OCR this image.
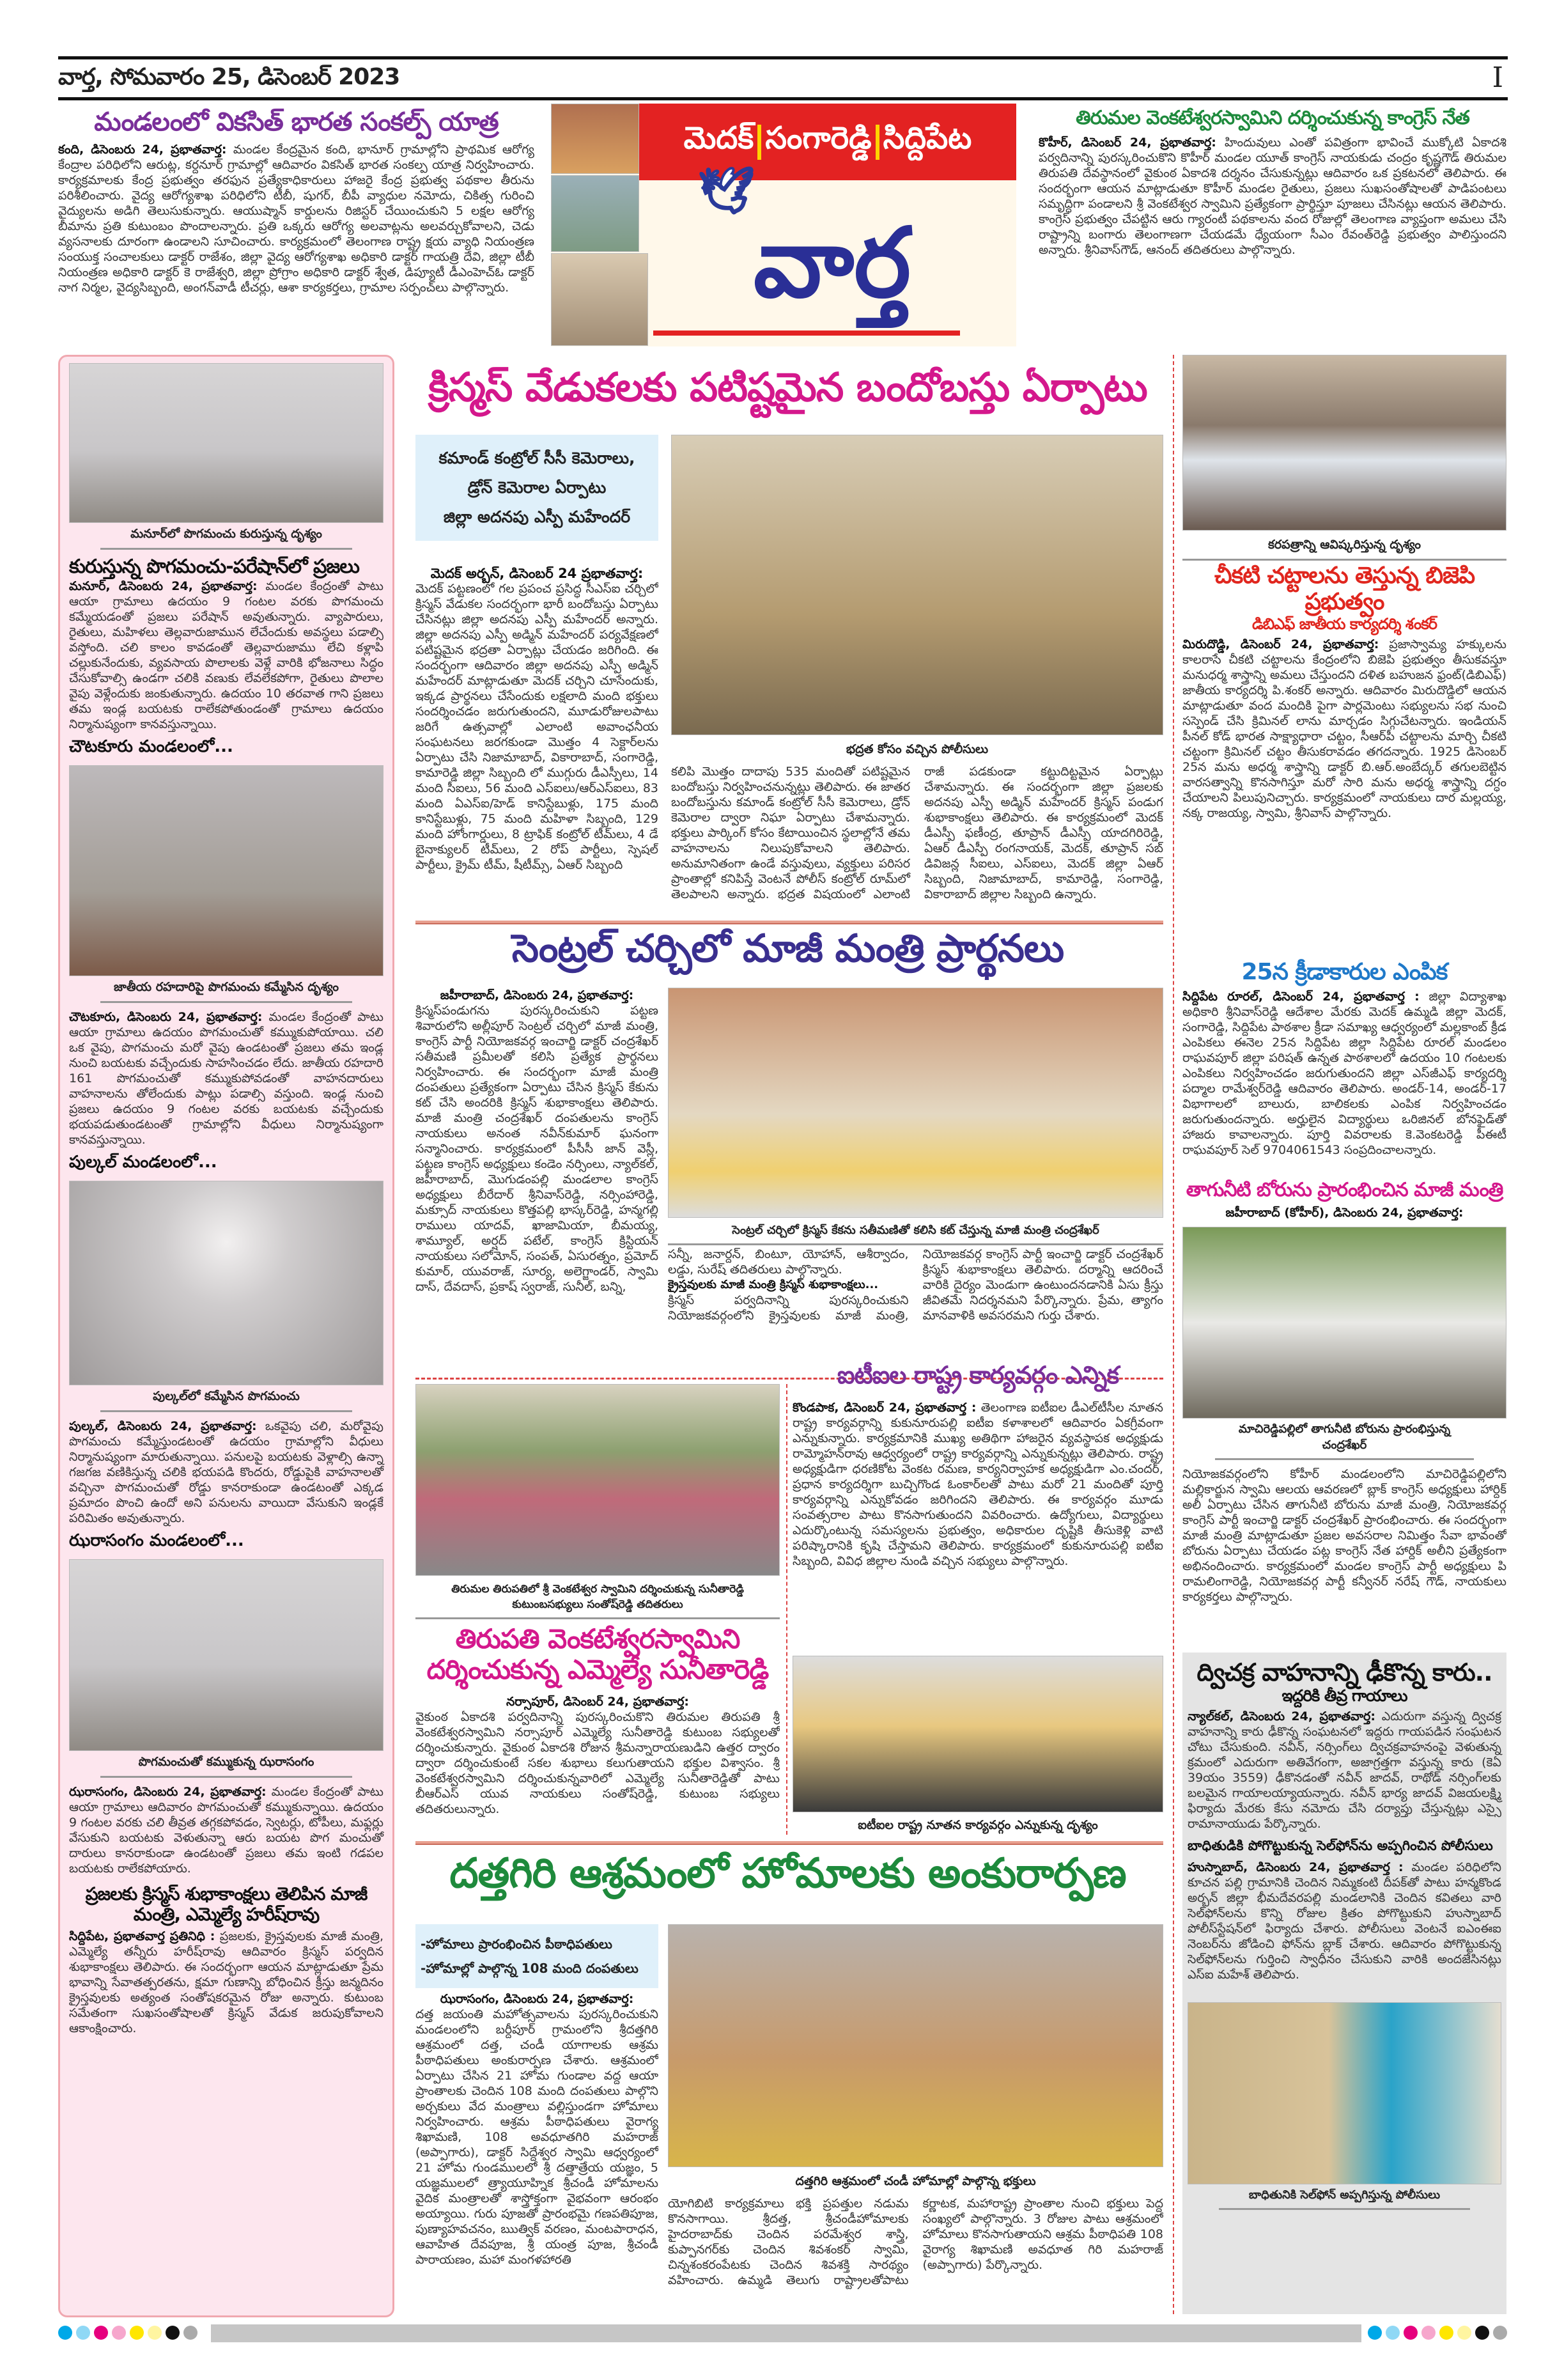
వార్త, సోమవారం 25, డిసెంబర్ 2023	I
మండలంలో వికసిత్ భారత సంకల్ప్ యాత్ర
కంది, డిసెంబరు 24, ప్రభాతవార్త: మండల కేంద్రమైన కంది, భానూర్ గ్రామాల్లోని ప్రాథమిక ఆరోగ్య కేంద్రాల పరిధిలోని ఆరుట్ల, కర్దనూర్ గ్రామాల్లో ఆదివారం వికసిత్ భారత సంకల్ప యాత్ర నిర్వహించారు. కార్యక్రమాలకు కేంద్ర ప్రభుత్వం తరఫున ప్రత్యేకాధికారులు హాజరై కేంద్ర ప్రభుత్వ పథకాల తీరును పరిశీలించారు. వైద్య ఆరోగ్యశాఖ పరిధిలోని టీబీ, షుగర్, బీపీ వ్యాధుల నమోదు, చికిత్స గురించి వైద్యులను అడిగి తెలుసుకున్నారు. ఆయుష్మాన్ కార్డులను రిజిస్టర్ చేయించుకుని 5 లక్షల ఆరోగ్య బీమాను ప్రతి కుటుంబం పొందాలన్నారు. ప్రతి ఒక్కరు ఆరోగ్య అలవాట్లను అలవర్చుకోవాలని, చెడు వ్యసనాలకు దూరంగా ఉండాలని సూచించారు. కార్యక్రమంలో తెలంగాణ రాష్ట్ర క్షయ వ్యాధి నియంత్రణ సంయుక్త సంచాలకులు డాక్టర్ రాజేశం, జిల్లా వైద్య ఆరోగ్యశాఖ అధికారి డాక్టర్ గాయత్రి దేవి, జిల్లా టీబీ నియంత్రణ అధికారి డాక్టర్ కె రాజేశ్వరి, జిల్లా ప్రోగ్రాం అధికారి డాక్టర్ శ్వేత, డిప్యూటీ డీఎంహెచ్ఓ డాక్టర్ నాగ నిర్మల, వైద్యసిబ్బంది, అంగన్‌వాడీ టీచర్లు, ఆశా కార్యకర్తలు, గ్రామాల సర్పంచ్‌లు పాల్గొన్నారు.
మెదక్ సంగారెడ్డి సిద్దిపేట
🕊
వార్త
తిరుమల వెంకటేశ్వరస్వామిని దర్శించుకున్న కాంగ్రెస్ నేత
కొహీర్, డిసెంబర్ 24, ప్రభాతవార్త: హిందువులు ఎంతో పవిత్రంగా భావించే ముక్కోటి ఏకాదశి పర్వదినాన్ని పురస్కరించుకొని కొహీర్ మండల యూత్ కాంగ్రెస్ నాయకుడు చంద్రం కృష్ణగౌడ్ తిరుమల తిరుపతి దేవస్థానంలో వైకుంఠ ఏకాదశి దర్శనం చేసుకున్నట్లు ఆదివారం ఒక ప్రకటనలో తెలిపారు. ఈ సందర్భంగా ఆయన మాట్లాడుతూ కొహీర్ మండల రైతులు, ప్రజలు సుఖసంతోషాలతో పాడిపంటలు సమృద్ధిగా పండాలని శ్రీ వెంకటేశ్వర స్వామిని ప్రత్యేకంగా ప్రార్థిస్తూ పూజలు చేసినట్లు ఆయన తెలిపారు. కాంగ్రెస్ ప్రభుత్వం చేపట్టిన ఆరు గ్యారంటీ పథకాలను వంద రోజుల్లో తెలంగాణ వ్యాప్తంగా అమలు చేసి రాష్ట్రాన్ని బంగారు తెలంగాణగా చేయడమే ధ్యేయంగా సీఎం రేవంత్‌రెడ్డి ప్రభుత్వం పాలిస్తుందని అన్నారు. శ్రీనివాస్‌గౌడ్, ఆనంద్ తదితరులు పాల్గొన్నారు.
మనూర్‌లో పొగమంచు కురుస్తున్న దృశ్యం
కురుస్తున్న పొగమంచు-పరేషాన్‌లో ప్రజలు
మనూర్, డిసెంబరు 24, ప్రభాతవార్త: మండల కేంద్రంతో పాటు ఆయా గ్రామాలు ఉదయం 9 గంటల వరకు పొగమంచు కమ్మేయడంతో ప్రజలు పరేషాన్ అవుతున్నారు. వ్యాపారులు, రైతులు, మహిళలు తెల్లవారుజామున లేచేందుకు అవస్థలు పడాల్సి వస్తోంది. చలి కాలం కావడంతో తెల్లవారుజాము లేచి కళ్లాపి చల్లుకునేందుకు, వ్యవసాయ పొలాలకు వెళ్లే వారికి భోజనాలు సిద్ధం చేసుకోవాల్సి ఉండగా చలికి వణుకు లేవలేకపోగా, రైతులు పొలాల వైపు వెళ్లేందుకు జంకుతున్నారు. ఉదయం 10 తరవాత గాని ప్రజలు తమ ఇండ్ల బయటకు రాలేకపోతుండంతో గ్రామాలు ఉదయం నిర్మానుష్యంగా కానవస్తున్నాయి.
చౌటకూరు మండలంలో...
జాతీయ రహదారిపై పొగమంచు కమ్మేసిన దృశ్యం
చౌటకూరు, డిసెంబరు 24, ప్రభాతవార్త: మండల కేంద్రంతో పాటు ఆయా గ్రామాలు ఉదయం పొగమంచుతో కమ్ముకుపోయాయి. చలి ఒక వైపు, పొగమంచు మరో వైపు ఉండటంతో ప్రజలు తమ ఇండ్ల నుంచి బయటకు వచ్చేందుకు సాహసించడం లేదు. జాతీయ రహదారి 161 పొగమంచుతో కమ్ముకుపోవడంతో వాహనదారులు వాహనాలను తోలేందుకు పాట్లు పడాల్సి వస్తుంది. ఇండ్ల నుంచి ప్రజలు ఉదయం 9 గంటల వరకు బయటకు వచ్చేందుకు భయపడుతుండటంతో గ్రామాల్లోని వీధులు నిర్మానుష్యంగా కానవస్తున్నాయి.
పుల్కల్ మండలంలో...
పుల్కల్‌లో కమ్మేసిన పొగమంచు
పుల్కల్, డిసెంబరు 24, ప్రభాతవార్త: ఒకవైపు చలి, మరోవైపు పొగమంచు కమ్మేస్తుండటంతో ఉదయం గ్రామాల్లోని వీధులు నిర్మానుష్యంగా మారుతున్నాయి. పనులపై బయటకు వెళ్లాల్సి ఉన్నా గజగజ వణికిస్తున్న చలికి భయపడి కొందరు, రోడ్డుపైకి వాహనాలతో వచ్చినా పొగమంచుతో రోడ్డు కానరాకుండా ఉండటంతో ఎక్కడ ప్రమాదం పొంచి ఉందో అని పనులను వాయిదా వేసుకుని ఇండ్లకే పరిమితం అవుతున్నారు.
ఝరాసంగం మండలంలో...
పొగమంచుతో కమ్ముకున్న ఝరాసంగం
ఝరాసంగం, డిసెంబరు 24, ప్రభాతవార్త: మండల కేంద్రంతో పాటు ఆయా గ్రామాలు ఆదివారం పొగమంచుతో కమ్ముకున్నాయి. ఉదయం 9 గంటల వరకు చలి తీవ్రత తగ్గకపోవడం, స్వెటర్లు, టోపీలు, మఫ్లర్లు వేసుకుని బయటకు వెళుతున్నా ఆరు బయట పొగ మంచుతో దారులు కానరాకుండా ఉండటంతో ప్రజలు తమ ఇంటి గడపల బయటకు రాలేకపోయారు.
ప్రజలకు క్రిస్మస్ శుభాకాంక్షలు తెలిపిన మాజీ మంత్రి, ఎమ్మెల్యే హరీష్‌రావు
సిద్దిపేట, ప్రభాతవార్త ప్రతినిధి : ప్రజలకు, క్రైస్తవులకు మాజీ మంత్రి, ఎమ్మెల్యే తన్నీరు హరీష్‌రావు ఆదివారం క్రిస్మస్ పర్వదిన శుభాకాంక్షలు తెలిపారు. ఈ సందర్భంగా ఆయన మాట్లాడుతూ ప్రేమ భావాన్ని సేవాతత్పరతను, క్షమా గుణాన్ని బోధించిన క్రీస్తు జన్మదినం క్రైస్తవులకు అత్యంత సంతోషకరమైన రోజు అన్నారు. కుటుంబ సమేతంగా సుఖసంతోషాలతో క్రిస్మస్ వేడుక జరుపుకోవాలని ఆకాంక్షించారు.
క్రిస్మస్ వేడుకలకు పటిష్టమైన బందోబస్తు ఏర్పాటు
కమాండ్ కంట్రోల్ సీసీ కెమెరాలు,
డ్రోన్ కెమెరాల ఏర్పాటు
జిల్లా అదనపు ఎస్పీ మహేందర్
మెదక్ అర్బన్, డిసెంబర్ 24 ప్రభాతవార్త:
మెదక్ పట్టణంలో గల ప్రపంచ ప్రసిద్ధ సీఎస్ఐ చర్చిలో క్రిస్మస్ వేడుకల సందర్భంగా భారీ బందోబస్తు ఏర్పాటు చేసినట్లు జిల్లా అదనపు ఎస్పీ మహేందర్ అన్నారు. జిల్లా అదనపు ఎస్పీ అడ్మిన్ మహేందర్ పర్యవేక్షణలో పటిష్టమైన భద్రతా ఏర్పాట్లు చేయడం జరిగింది. ఈ సందర్భంగా ఆదివారం జిల్లా అదనపు ఎస్పీ అడ్మిన్ మహేందర్ మాట్లాడుతూ మెదక్ చర్చిని చూసేందుకు, ఇక్కడ ప్రార్థనలు చేసేందుకు లక్షలాది మంది భక్తులు సందర్శించడం జరుగుతుందని, మూడురోజులపాటు జరిగే ఉత్సవాల్లో ఎలాంటి అవాంఛనీయ సంఘటనలు జరగకుండా మొత్తం 4 సెక్టార్‌లను ఏర్పాటు చేసి నిజామాబాద్, వికారాబాద్, సంగారెడ్డి, కామారెడ్డి జిల్లా సిబ్బంది లో ముగ్గురు డీఎస్పీలు, 14 మంది సీఐలు, 56 మంది ఎస్ఐలు/ఆర్ఎస్ఐలు, 83 మంది ఏఎస్ఐ/హెడ్ కానిస్టేబుళ్లు, 175 మంది కానిస్టేబుళ్లు, 75 మంది మహిళా సిబ్బంది, 129 మంది హోంగార్డులు, 8 ట్రాఫిక్ కంట్రోల్ టీమ్‌లు, 4 డే బైనాక్యులర్ టీమ్‌లు, 2 రోప్ పార్టీలు, స్పెషల్ పార్టీలు, క్రైమ్ టీమ్, షీటీమ్స్, ఏఆర్ సిబ్బంది
భద్రత కోసం వచ్చిన పోలీసులు
కలిపి మొత్తం దాదాపు 535 మందితో పటిష్టమైన బందోబస్తు నిర్వహించనున్నట్లు తెలిపారు. ఈ జాతర బందోబస్తును కమాండ్ కంట్రోల్ సీసీ కెమెరాలు, డ్రోన్ కెమెరాల ద్వారా నిఘా ఏర్పాటు చేశామన్నారు. భక్తులు పార్కింగ్ కోసం కేటాయించిన స్థలాల్లోనే తమ వాహనాలను నిలుపుకోవాలని తెలిపారు. అనుమానితంగా ఉండే వస్తువులు, వ్యక్తులు పరిసర ప్రాంతాల్లో కనిపిస్తే వెంటనే పోలీస్ కంట్రోల్ రూమ్‌లో తెలపాలని అన్నారు. భద్రత విషయంలో ఎలాంటి రాజీ పడకుండా కట్టుదిట్టమైన ఏర్పాట్లు చేశామన్నారు. ఈ సందర్భంగా జిల్లా ప్రజలకు అదనపు ఎస్పీ అడ్మిన్ మహేందర్ క్రిస్మస్ పండుగ శుభాకాంక్షలు తెలిపారు. ఈ కార్యక్రమంలో మెదక్ డీఎస్పీ ఫణీంద్ర, తూప్రాన్ డీఎస్పీ యాదగిరిరెడ్డి, ఏఆర్ డీఎస్పీ రంగనాయక్, మెదక్, తూప్రాన్ సబ్ డివిజన్ల సీఐలు, ఎస్ఐలు, మెదక్ జిల్లా ఏఆర్ సిబ్బంది, నిజామాబాద్, కామారెడ్డి, సంగారెడ్డి, వికారాబాద్ జిల్లాల సిబ్బంది ఉన్నారు.
సెంట్రల్ చర్చిలో మాజీ మంత్రి ప్రార్థనలు
జహీరాబాద్, డిసెంబరు 24, ప్రభాతవార్త:
క్రిస్మస్‌పండుగను పురస్కరించుకుని పట్టణ శివారులోని అల్లీపూర్ సెంట్రల్ చర్చిలో మాజీ మంత్రి, కాంగ్రెస్ పార్టీ నియోజకవర్గ ఇంచార్జి డాక్టర్ చంద్రశేఖర్ సతీమణి ప్రమీలతో కలిసి ప్రత్యేక ప్రార్థనలు నిర్వహించారు. ఈ సందర్భంగా మాజీ మంత్రి దంపతులు ప్రత్యేకంగా ఏర్పాటు చేసిన క్రిస్మస్ కేకును కట్ చేసి అందరికి క్రిస్మస్ శుభాకాంక్షలు తెలిపారు. మాజీ మంత్రి చంద్రశేఖర్ దంపతులను కాంగ్రెస్ నాయకులు అనంత నవీన్‌కుమార్ ఘనంగా సన్మానించారు. కార్యక్రమంలో పీసీసీ జాన్ వెస్లీ, పట్టణ కాంగ్రెస్ అధ్యక్షులు కండెం నర్సింలు, న్యాల్‌కల్, జహీరాబాద్, మొగుడంపల్లి మండలాల కాంగ్రెస్ అధ్యక్షులు బీరేదార్ శ్రీనివాస్‌రెడ్డి, నర్సింహారెడ్డి, మక్సూద్ నాయకులు కొత్తపల్లి భాస్కర్‌రెడ్డి, హన్మగల్లి రాములు యాదవ్, ఖాజామియా, బీమయ్య, శామ్యూల్, అర్షద్ పటేల్, కాంగ్రెస్ క్రిస్టియన్ నాయకులు సలోమోన్, సంపత్, ఏసురత్నం, ప్రమోద్ కుమార్, యువరాజ్, సూర్య, అలెగ్జాండర్, స్వామి దాస్, దేవదాస్, ప్రకాష్ స్వరాజ్, సునీల్, బన్ని,
సెంట్రల్ చర్చిలో క్రిస్మస్ కేకను సతీమణితో కలిసి కట్ చేస్తున్న మాజీ మంత్రి చంద్రశేఖర్
సన్నీ, జనార్దన్, బింటూ, యోహాన్, ఆశీర్వాదం, లడ్డు, సురేష్ తదితరులు పాల్గొన్నారు.
క్రైస్తవులకు మాజీ మంత్రి క్రిస్మస్ శుభాకాంక్షలు...
క్రిస్మస్ పర్వదినాన్ని పురస్కరించుకుని నియోజకవర్గంలోని క్రైస్తవులకు మాజీ మంత్రి, నియోజకవర్గ కాంగ్రెస్ పార్టీ ఇంచార్జి డాక్టర్ చంద్రశేఖర్ క్రిస్మస్ శుభాకాంక్షలు తెలిపారు. దర్మాన్ని ఆదరించే వారికి దైర్యం మెండుగా ఉంటుందనడానికి ఏసు క్రీస్తు జీవితమే నిదర్శనమని పేర్కొన్నారు. ప్రేమ, త్యాగం మానవాళికి అవసరమని గుర్తు చేశారు.
తిరుమల తిరుపతిలో శ్రీ వెంకటేశ్వర స్వామిని దర్శించుకున్న సునీతారెడ్డి కుటుంబసభ్యులు సంతోష్‌రెడ్డి తదితరులు
తిరుపతి వెంకటేశ్వరస్వామిని దర్శించుకున్న ఎమ్మెల్యే సునీతారెడ్డి
నర్సాపూర్, డిసెంబర్ 24, ప్రభాతవార్త:
వైకుంఠ ఏకాదశి పర్వదినాన్ని పురస్కరించుకొని తిరుమల తిరుపతి శ్రీ వెంకటేశ్వరస్వామిని నర్సాపూర్ ఎమ్మెల్యే సునీతారెడ్డి కుటుంబ సభ్యులతో దర్శించుకున్నారు. వైకుంఠ ఏకాదశి రోజున శ్రీమన్నారాయణుడిని ఉత్తర ద్వారం ద్వారా దర్శించుకుంటే సకల శుభాలు కలుగుతాయని భక్తుల విశ్వాసం. శ్రీ వెంకటేశ్వరస్వామిని దర్శించుకున్నవారిలో ఎమ్మెల్యే సునీతారెడ్డితో పాటు బీఆర్‌ఎస్ యువ నాయకులు సంతోష్‌రెడ్డి, కుటుంబ సభ్యులు తదితరులున్నారు.
ఐటీఐల రాష్ట్ర కార్యవర్గం ఎన్నిక
కొండపాక, డిసెంబర్ 24, ప్రభాతవార్త : తెలంగాణ ఐటీఐల డీఎల్‌టీసీల నూతన రాష్ట్ర కార్యవర్గాన్ని కుకునూరుపల్లి ఐటీఐ కళాశాలలో ఆదివారం ఏకగ్రీవంగా ఎన్నుకున్నారు. కార్యక్రమానికి ముఖ్య అతిథిగా హాజరైన వ్యవస్థాపక అధ్యక్షుడు రామ్మోహన్‌రావు ఆధ్వర్యంలో రాష్ట్ర కార్యవర్గాన్ని ఎన్నుకున్నట్లు తెలిపారు. రాష్ట్ర అధ్యక్షుడిగా ధరణికోట వెంకట రమణ, కార్యనిర్వాహక అధ్యక్షుడిగా ఎం.చందర్, ప్రధాన కార్యదర్శిగా బుచ్చిగొండ ఓంకార్‌లతో పాటు మరో 21 మందితో పూర్తి కార్యవర్గాన్ని ఎన్నుకోవడం జరిగిందని తెలిపారు. ఈ కార్యవర్గం మూడు సంవత్సరాల పాటు కొనసాగుతుందని వివరించారు. ఉద్యోగులు, విద్యార్థులు ఎదుర్కొంటున్న సమస్యలను ప్రభుత్వం, అధికారుల దృష్టికి తీసుకెళ్లి వాటి పరిష్కారానికి కృషి చేస్తామని తెలిపారు. కార్యక్రమంలో కుకునూరుపల్లి ఐటీఐ సిబ్బంది, వివిధ జిల్లాల నుండి వచ్చిన సభ్యులు పాల్గొన్నారు.
ఐటీఐల రాష్ట్ర నూతన కార్యవర్గం ఎన్నుకున్న దృశ్యం
దత్తగిరి ఆశ్రమంలో హోమాలకు అంకురార్పణ
-హోమాలు ప్రారంభించిన పీఠాధిపతులు
-హోమాల్లో పాల్గొన్న 108 మంది దంపతులు
ఝరాసంగం, డిసెంబరు 24, ప్రభాతవార్త:
దత్త జయంతి మహోత్సవాలను పురస్కరించుకుని మండలంలోని బర్దీపూర్ గ్రామంలోని శ్రీదత్తగిరి ఆశ్రమంలో దత్త, చండీ యాగాలకు ఆశ్రమ పీఠాధిపతులు అంకురార్పణ చేశారు. ఆశ్రమంలో ఏర్పాటు చేసిన 21 హోమ గుండాల వద్ద ఆయా ప్రాంతాలకు చెందిన 108 మంది దంపతులు పాల్గొని అర్చకులు వేద మంత్రాలు వల్లిస్తుండగా హోమాలు నిర్వహించారు. ఆశ్రమ పీఠాధిపతులు వైరాగ్య శిఖామణి, 108 అవధూతగిరి మహరాజ్ (అప్పాగారు), డాక్టర్ సిద్దేశ్వర స్వామి ఆధ్వర్యంలో 21 హోమ గుండములలో శ్రీ దత్తాత్రేయ యజ్ఞం, 5 యజ్ఞములలో త్ర్యాయూహ్నిక శ్రీచండీ హోమాలను వైదిక మంత్రాలతో శాస్త్రోక్తంగా వైభవంగా ఆరంభం అయ్యాయి. గురు పూజతో ప్రారంభమై గణపతిపూజ, పుణ్యాహవచనం, ఋత్విక్ వరణం, మంటపారాధన, ఆవాహిత దేవపూజ, శ్రీ యంత్ర పూజ, శ్రీచండీ పారాయణం, మహా మంగళహారతి
దత్తగిరి ఆశ్రమంలో చండీ హోమాల్లో పాల్గొన్న భక్తులు
యోగిబిటి కార్యక్రమాలు భక్తి ప్రపత్తుల నడుమ కొనసాగాయి. శ్రీదత్త, శ్రీచండీహోమాలకు హైదరాబాద్‌కు చెందిన పరమేశ్వర శాస్త్రి, కుప్పానగర్‌కు చెందిన శివశంకర్ స్వామి, చిన్నశంకరంపేటకు చెందిన శివశక్తి సారథ్యం వహించారు. ఉమ్మడి తెలుగు రాష్ట్రాలతోపాటు కర్ణాటక, మహారాష్ట్ర ప్రాంతాల నుంచి భక్తులు పెద్ద సంఖ్యలో పాల్గొన్నారు. 3 రోజుల పాటు ఆశ్రమంలో హోమాలు కొనసాగుతాయని ఆశ్రమ పీఠాధిపతి 108 వైరాగ్య శిఖామణి అవధూత గిరి మహరాజ్ (అప్పాగారు) పేర్కొన్నారు.
కరపత్రాన్ని ఆవిష్కరిస్తున్న దృశ్యం
చీకటి చట్టాలను తెస్తున్న బిజెపి ప్రభుత్వం
డిబిఎఫ్ జాతీయ కార్యదర్శి శంకర్
మిరుదొడ్డి, డిసెంబర్ 24, ప్రభాతవార్త: ప్రజాస్వామ్య హక్కులను కాలరాసే చీకటి చట్టాలను కేంద్రంలోని బిజెపి ప్రభుత్వం తీసుకవస్తూ మనుధర్మ శాస్త్రాన్ని అమలు చేస్తుందని దళిత బహుజన ఫ్రంట్(డిబిఎఫ్) జాతీయ కార్యదర్శి పి.శంకర్ అన్నారు. ఆదివారం మిరుదొడ్డిలో ఆయన మాట్లాడుతూ వంద మందికి పైగా పార్లమెంటు సభ్యులను సభ నుంచి సస్పెండ్ చేసి క్రిమినల్ లాను మార్చడం సిగ్గుచేటన్నారు. ఇండియన్ పీనల్ కోడ్ భారత సాక్ష్యాధారా చట్టం, సీఆర్‌పీ చట్టాలను మార్చి చీకటి చట్టంగా క్రిమినల్ చట్టం తీసుకరావడం తగదన్నారు. 1925 డిసెంబర్ 25న మను అధర్మ శాస్త్రాన్ని డాక్టర్ బి.ఆర్.అంబేద్కర్ తగులబెట్టిన వారసత్వాన్ని కొనసాగిస్తూ మరో సారి మను అధర్మ శాస్త్రాన్ని దగ్ధం చేయాలని పిలుపునిచ్చారు. కార్యక్రమంలో నాయకులు దార మల్లయ్య, నక్క రాజయ్య, స్వామి, శ్రీనివాస్ పాల్గొన్నారు.
25న క్రీడాకారుల ఎంపిక
సిద్దిపేట రూరల్, డిసెంబర్ 24, ప్రభాతవార్త : జిల్లా విద్యాశాఖ అధికారి శ్రీనివాస్‌రెడ్డి ఆదేశాల మేరకు మెదక్ ఉమ్మడి జిల్లా మెదక్, సంగారెడ్డి, సిద్దిపేట పాఠశాల క్రీడా సమాఖ్య ఆధ్వర్యంలో మల్లకాంబ్ క్రీడ ఎంపికలు ఈనెల 25న సిద్దిపేట జిల్లా సిద్దిపేట రూరల్ మండలం రాఘవపూర్ జిల్లా పరిషత్ ఉన్నత పాఠశాలలో ఉదయం 10 గంటలకు ఎంపికలు నిర్వహించడం జరుగుతుందని జిల్లా ఎస్‌జీఎఫ్ కార్యదర్శి పద్మాల రామేశ్వర్‌రెడ్డి ఆదివారం తెలిపారు. అండర్-14, అండర్-17 విభాగాలలో బాలురు, బాలికలకు ఎంపిక నిర్వహించడం జరుగుతుందన్నారు. అర్హులైన విద్యార్థులు ఒరిజినల్ బోనఫైడ్‌తో హాజరు కావాలన్నారు. పూర్తి వివరాలకు కె.వెంకటరెడ్డి పీఈటీ రాఘవపూర్ సెల్ 9704061543 సంప్రదించాలన్నారు.
తాగునీటి బోరును ప్రారంభించిన మాజీ మంత్రి
జహీరాబాద్ (కోహీర్), డిసెంబరు 24, ప్రభాతవార్త:
మాచిరెడ్డిపల్లిలో తాగునీటి బోరును ప్రారంభిస్తున్న చంద్రశేఖర్
నియోజకవర్గంలోని కోహీర్ మండలంలోని మాచిరెడ్డిపల్లిలోని మల్లికార్జున స్వామి ఆలయ ఆవరణలో బ్లాక్ కాంగ్రెస్ అధ్యక్షులు హార్దిక్ అలీ ఏర్పాటు చేసిన తాగునీటి బోరును మాజీ మంత్రి, నియోజకవర్గ కాంగ్రెస్ పార్టీ ఇంచార్జి డాక్టర్ చంద్రశేఖర్ ప్రారంభించారు. ఈ సందర్భంగా మాజీ మంత్రి మాట్లాడుతూ ప్రజల అవసరాల నిమిత్తం సేవా భావంతో బోరును ఏర్పాటు చేయడం పట్ల కాంగ్రెస్ నేత హార్దిక్ అలీని ప్రత్యేకంగా అభినందించారు. కార్యక్రమంలో మండల కాంగ్రెస్ పార్టీ అధ్యక్షులు పి రామలింగారెడ్డి, నియోజకవర్గ పార్టీ కన్వీనర్ నరేష్ గౌడ్, నాయకులు కార్యకర్తలు పాల్గొన్నారు.
ద్విచక్ర వాహనాన్ని ఢీకొన్న కారు..
ఇద్దరికి తీవ్ర గాయాలు
న్యాల్‌కల్, డిసెంబరు 24, ప్రభాతవార్త: ఎదురుగా వస్తున్న ద్విచక్ర వాహనాన్ని కారు ఢీకొన్న సంఘటనలో ఇద్దరు గాయపడిన సంఘటన చోటు చేసుకుంది. నవీన్, నర్సింగ్‌లు ద్విచక్రవాహనంపై వెళుతున్న క్రమంలో ఎదురుగా అతివేగంగా, అజాగ్రత్తగా వస్తున్న కారు (కెఏ 39యం 3559) ఢీకొనడంతో నవీన్ జాదవ్, రాథోడ్ నర్సింగ్‌లకు బలమైన గాయాలయ్యాయన్నారు. నవీన్ భార్య జాదవ్ విజయలక్ష్మి ఫిర్యాదు మేరకు కేసు నమోదు చేసి దర్యాప్తు చేస్తున్నట్లు ఎస్సై రామానాయుడు పేర్కొన్నారు.
బాధితుడికి పోగొట్టుకున్న సెల్‌ఫోన్‌ను అప్పగించిన పోలీసులు
హుస్నాబాద్, డిసెంబరు 24, ప్రభాతవార్త : మండల పరిధిలోని కూచన పల్లి గ్రామానికి చెందిన నిమ్మకంటి దీపక్‌తో పాటు హన్మకొండ అర్బన్ జిల్లా భీమదేవరపల్లి మండలానికి చెందిన కవితలు వారి సెల్‌ఫోన్‌లను కొన్ని రోజుల క్రితం పోగొట్టుకుని హుస్నాబాద్ పోలీస్‌స్టేషన్‌లో ఫిర్యాదు చేశారు. పోలీసులు వెంటనే ఐఎంఈఐ నెంబర్‌ను జోడించి ఫోన్‌ను బ్లాక్ చేశారు. ఆదివారం పోగొట్టుకున్న సెల్‌ఫోన్‌లను గుర్తించి స్వాధీనం చేసుకుని వారికి అందజేసినట్లు ఎస్ఐ మహేశ్ తెలిపారు.
బాధితునికి సెల్‌ఫోన్ అప్పగిస్తున్న పోలీసులు
